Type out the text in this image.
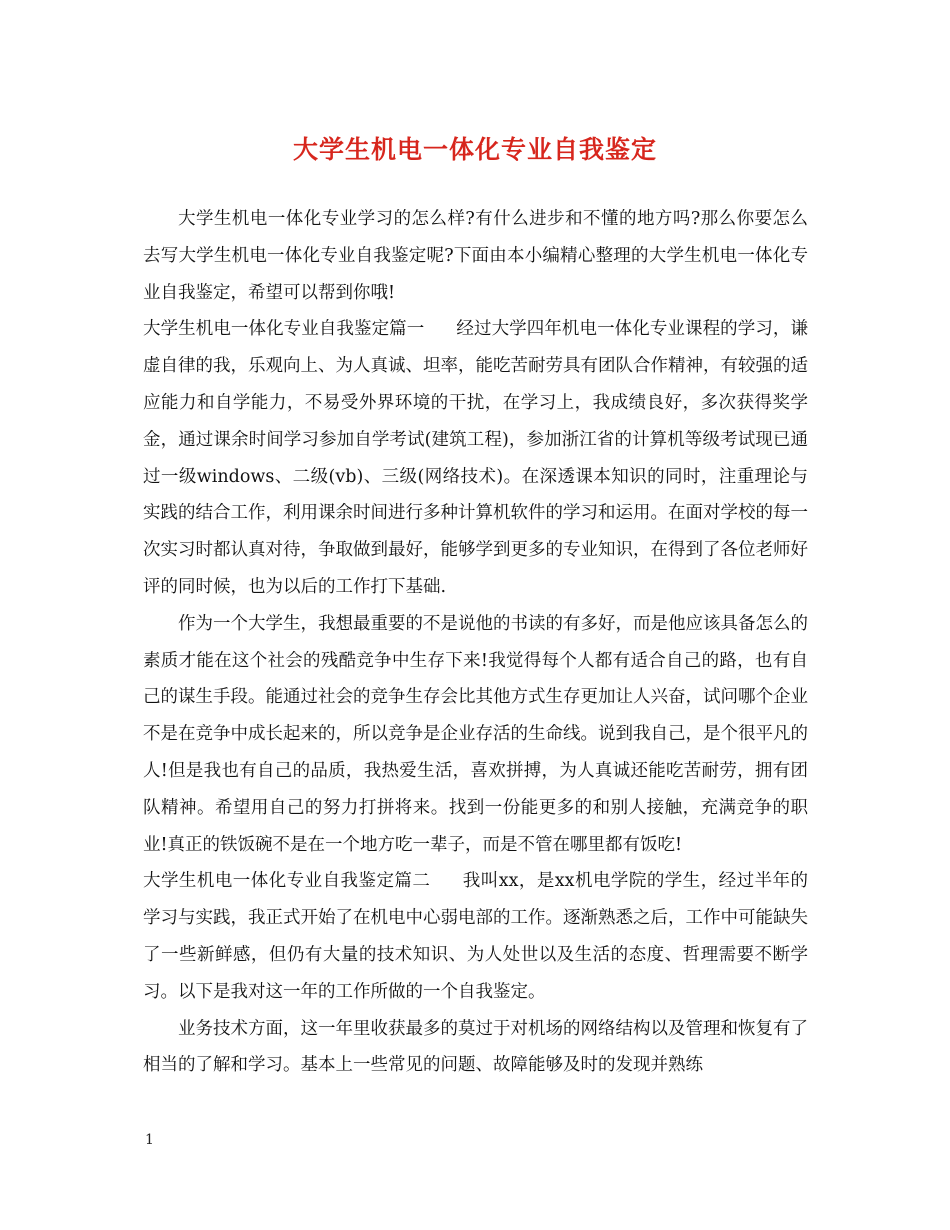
大学生机电一体化专业自我鉴定

大学生机电一体化专业学习的怎么样?有什么进步和不懂的地方吗?那么你要怎么去写大学生机电一体化专业自我鉴定呢?下面由本小编精心整理的大学生机电一体化专业自我鉴定，希望可以帮到你哦!

大学生机电一体化专业自我鉴定篇一 经过大学四年机电一体化专业课程的学习，谦虚自律的我，乐观向上、为人真诚、坦率，能吃苦耐劳具有团队合作精神，有较强的适应能力和自学能力，不易受外界环境的干扰，在学习上，我成绩良好，多次获得奖学金，通过课余时间学习参加自学考试(建筑工程)，参加浙江省的计算机等级考试现已通过一级windows、二级(vb)、三级(网络技术)。在深透课本知识的同时，注重理论与实践的结合工作，利用课余时间进行多种计算机软件的学习和运用。在面对学校的每一次实习时都认真对待，争取做到最好，能够学到更多的专业知识，在得到了各位老师好评的同时候，也为以后的工作打下基础.

作为一个大学生，我想最重要的不是说他的书读的有多好，而是他应该具备怎么的素质才能在这个社会的残酷竞争中生存下来!我觉得每个人都有适合自己的路，也有自己的谋生手段。能通过社会的竞争生存会比其他方式生存更加让人兴奋，试问哪个企业不是在竞争中成长起来的，所以竞争是企业存活的生命线。说到我自己，是个很平凡的人!但是我也有自己的品质，我热爱生活，喜欢拼搏，为人真诚还能吃苦耐劳，拥有团队精神。希望用自己的努力打拼将来。找到一份能更多的和别人接触，充满竞争的职业!真正的铁饭碗不是在一个地方吃一辈子，而是不管在哪里都有饭吃!

大学生机电一体化专业自我鉴定篇二 我叫xx，是xx机电学院的学生，经过半年的学习与实践，我正式开始了在机电中心弱电部的工作。逐渐熟悉之后，工作中可能缺失了一些新鲜感，但仍有大量的技术知识、为人处世以及生活的态度、哲理需要不断学习。以下是我对这一年的工作所做的一个自我鉴定。

业务技术方面，这一年里收获最多的莫过于对机场的网络结构以及管理和恢复有了相当的了解和学习。基本上一些常见的问题、故障能够及时的发现并熟练

1
